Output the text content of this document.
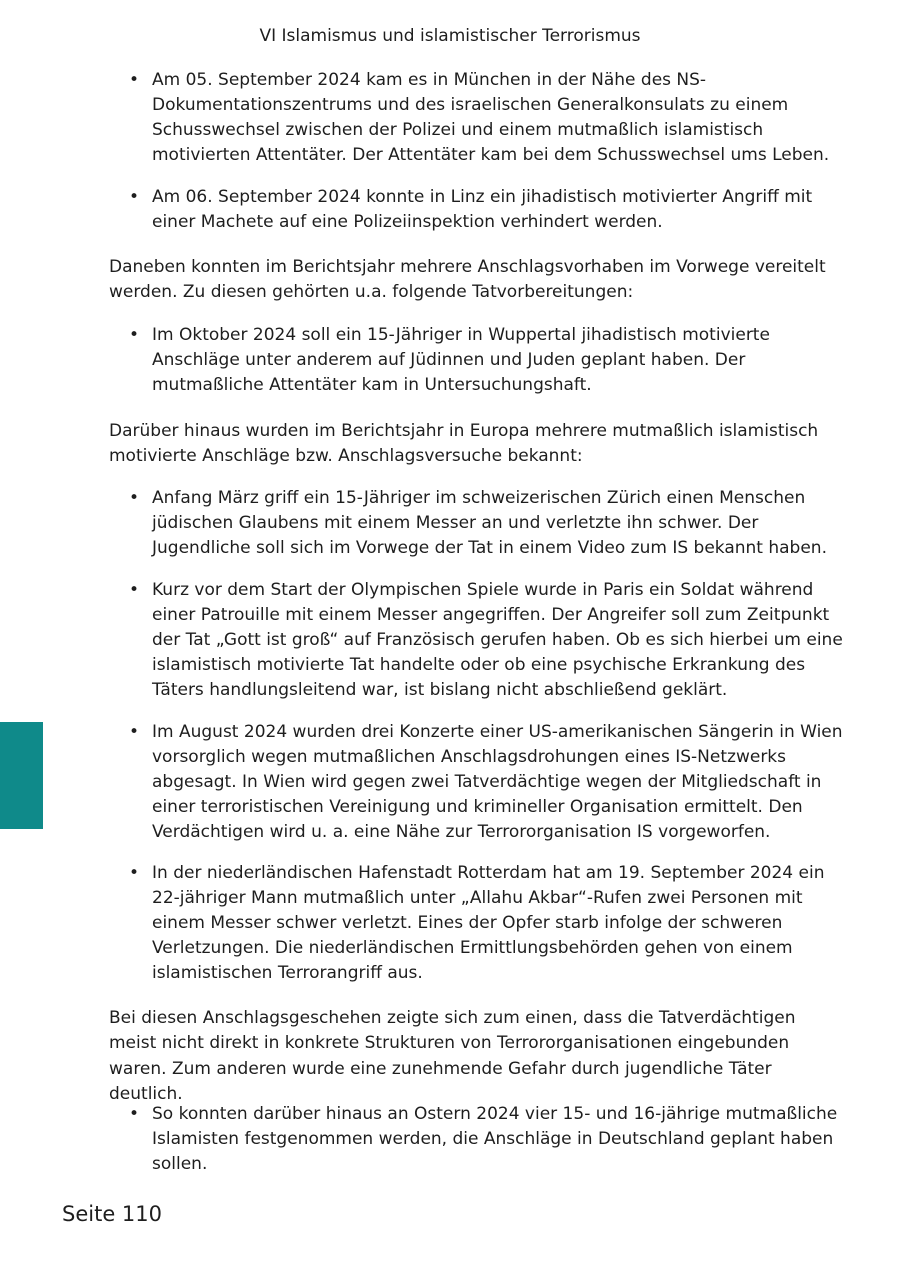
VI Islamismus und islamistischer Terrorismus
• Am 05. September 2024 kam es in München in der Nähe des NS-Dokumentationszentrums und des israelischen Generalkonsulats zu einem Schusswechsel zwischen der Polizei und einem mutmaßlich islamistisch motivierten Attentäter. Der Attentäter kam bei dem Schusswechsel ums Leben.
• Am 06. September 2024 konnte in Linz ein jihadistisch motivierter Angriff mit einer Machete auf eine Polizeiinspektion verhindert werden.

Daneben konnten im Berichtsjahr mehrere Anschlagsvorhaben im Vorwege vereitelt werden. Zu diesen gehörten u.a. folgende Tatvorbereitungen:

• Im Oktober 2024 soll ein 15-Jähriger in Wuppertal jihadistisch motivierte Anschläge unter anderem auf Jüdinnen und Juden geplant haben. Der mutmaßliche Attentäter kam in Untersuchungshaft.

Darüber hinaus wurden im Berichtsjahr in Europa mehrere mutmaßlich islamistisch motivierte Anschläge bzw. Anschlagsversuche bekannt:

• Anfang März griff ein 15-Jähriger im schweizerischen Zürich einen Menschen jüdischen Glaubens mit einem Messer an und verletzte ihn schwer. Der Jugendliche soll sich im Vorwege der Tat in einem Video zum IS bekannt haben.
• Kurz vor dem Start der Olympischen Spiele wurde in Paris ein Soldat während einer Patrouille mit einem Messer angegriffen. Der Angreifer soll zum Zeitpunkt der Tat „Gott ist groß“ auf Französisch gerufen haben. Ob es sich hierbei um eine islamistisch motivierte Tat handelte oder ob eine psychische Erkrankung des Täters handlungsleitend war, ist bislang nicht abschließend geklärt.
• Im August 2024 wurden drei Konzerte einer US-amerikanischen Sängerin in Wien vorsorglich wegen mutmaßlichen Anschlagsdrohungen eines IS-Netzwerks abgesagt. In Wien wird gegen zwei Tatverdächtige wegen der Mitgliedschaft in einer terroristischen Vereinigung und krimineller Organisation ermittelt. Den Verdächtigen wird u. a. eine Nähe zur Terrororganisation IS vorgeworfen.
• In der niederländischen Hafenstadt Rotterdam hat am 19. September 2024 ein 22-jähriger Mann mutmaßlich unter „Allahu Akbar“-Rufen zwei Personen mit einem Messer schwer verletzt. Eines der Opfer starb infolge der schweren Verletzungen. Die niederländischen Ermittlungsbehörden gehen von einem islamistischen Terrorangriff aus.

Bei diesen Anschlagsgeschehen zeigte sich zum einen, dass die Tatverdächtigen meist nicht direkt in konkrete Strukturen von Terrororganisationen eingebunden waren. Zum anderen wurde eine zunehmende Gefahr durch jugendliche Täter deutlich.

• So konnten darüber hinaus an Ostern 2024 vier 15- und 16-jährige mutmaßliche Islamisten festgenommen werden, die Anschläge in Deutschland geplant haben sollen.
Seite 110
